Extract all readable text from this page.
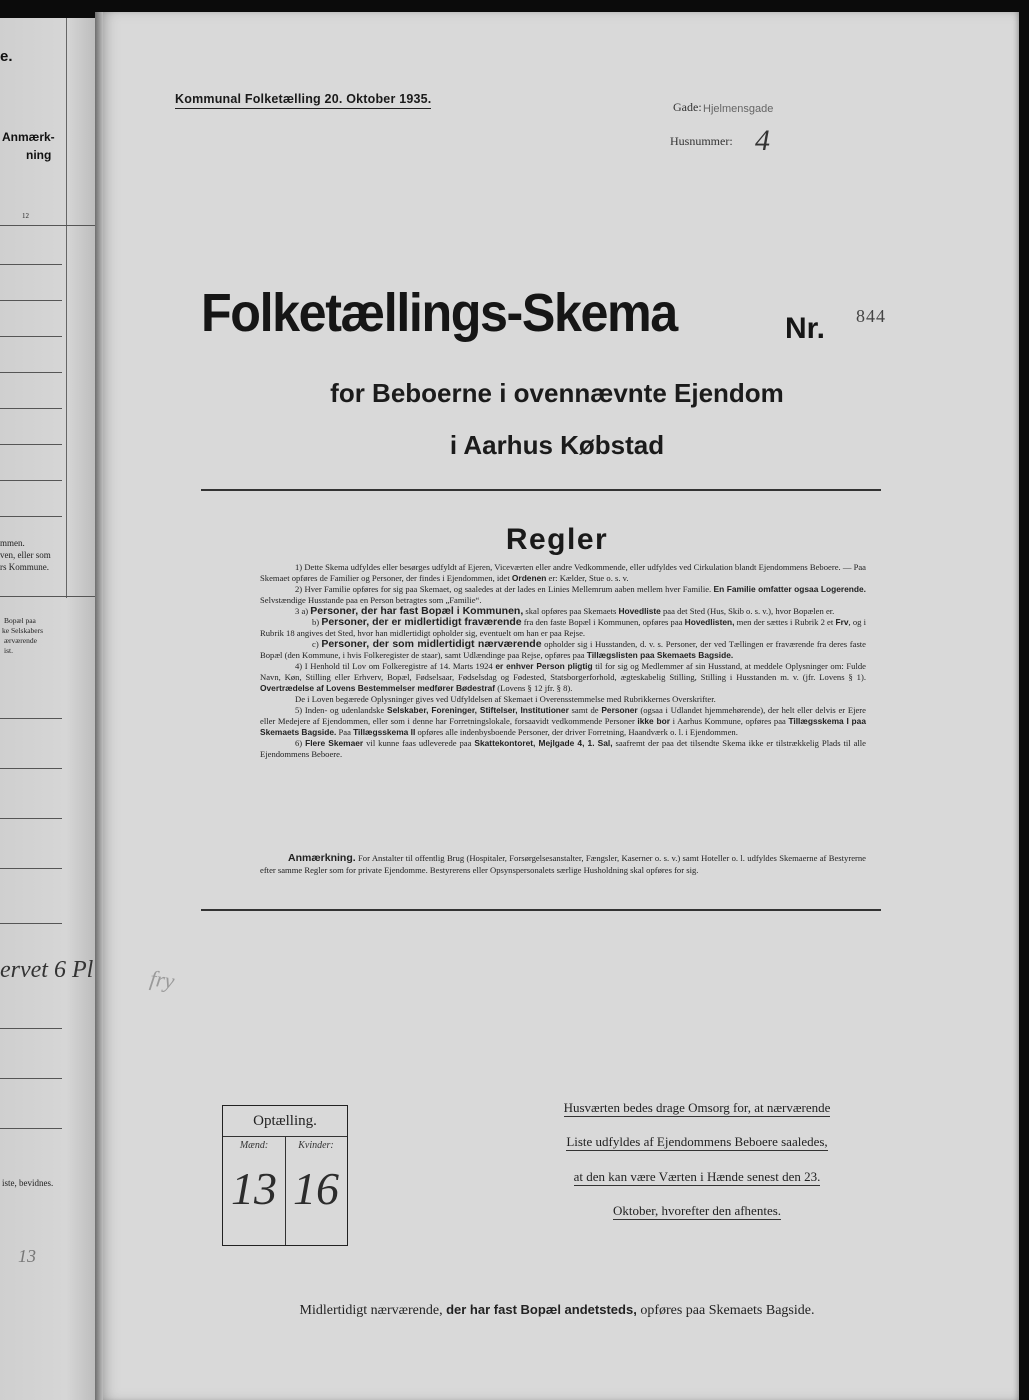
e.
Anmærk-
ning
12
mmen.
ven, eller som
rs Kommune.
Bopæl paa
ke Selskabers
ærværende
ist.
ervet 6 Pl
iste, bevidnes.
13
Kommunal Folketælling 20. Oktober 1935.
Gade: Hjelmensgade
Husnummer: 4
Folketællings-Skema	Nr. 844
for Beboerne i ovennævnte Ejendom
i Aarhus Købstad
Regler

1) Dette Skema udfyldes eller besørges udfyldt af Ejeren, Viceværten eller andre Vedkommende, eller udfyldes ved Cirkulation blandt Ejendommens Beboere. — Paa Skemaet opføres de Familier og Personer, der findes i Ejendommen, idet Ordenen er: Kælder, Stue o. s. v.

2) Hver Familie opføres for sig paa Skemaet, og saaledes at der lades en Linies Mellemrum aaben mellem hver Familie. En Familie omfatter ogsaa Logerende. Selvstændige Husstande paa en Person betragtes som „Familie“.

3 a) Personer, der har fast Bopæl i Kommunen, skal opføres paa Skemaets Hovedliste paa det Sted (Hus, Skib o. s. v.), hvor Bopælen er.

b) Personer, der er midlertidigt fraværende fra den faste Bopæl i Kommunen, opføres paa Hovedlisten, men der sættes i Rubrik 2 et Frv, og i Rubrik 18 angives det Sted, hvor han midlertidigt opholder sig, eventuelt om han er paa Rejse.

c) Personer, der som midlertidigt nærværende opholder sig i Husstanden, d. v. s. Personer, der ved Tællingen er fraværende fra deres faste Bopæl (den Kommune, i hvis Folkeregister de staar), samt Udlændinge paa Rejse, opføres paa Tillægslisten paa Skemaets Bagside.

4) I Henhold til Lov om Folkeregistre af 14. Marts 1924 er enhver Person pligtig til for sig og Medlemmer af sin Husstand, at meddele Oplysninger om: Fulde Navn, Køn, Stilling eller Erhverv, Bopæl, Fødselsaar, Fødselsdag og Fødested, Statsborgerforhold, ægteskabelig Stilling, Stilling i Husstanden m. v. (jfr. Lovens § 1). Overtrædelse af Lovens Bestemmelser medfører Bødestraf (Lovens § 12 jfr. § 8).

De i Loven begærede Oplysninger gives ved Udfyldelsen af Skemaet i Overensstemmelse med Rubrikkernes Overskrifter.

5) Inden- og udenlandske Selskaber, Foreninger, Stiftelser, Institutioner samt de Personer (ogsaa i Udlandet hjemmehørende), der helt eller delvis er Ejere eller Medejere af Ejendommen, eller som i denne har Forretningslokale, forsaavidt vedkommende Personer ikke bor i Aarhus Kommune, opføres paa Tillægsskema I paa Skemaets Bagside. Paa Tillægsskema II opføres alle indenbysboende Personer, der driver Forretning, Haandværk o. l. i Ejendommen.

6) Flere Skemaer vil kunne faas udleverede paa Skattekontoret, Mejlgade 4, 1. Sal, saafremt der paa det tilsendte Skema ikke er tilstrækkelig Plads til alle Ejendommens Beboere.

Anmærkning. For Anstalter til offentlig Brug (Hospitaler, Forsørgelsesanstalter, Fængsler, Kaserner o. s. v.) samt Hoteller o. l. udfyldes Skemaerne af Bestyrerne efter samme Regler som for private Ejendomme. Bestyrerens eller Opsynspersonalets særlige Husholdning skal opføres for sig.
fry
Optælling.
Mænd:
13
Kvinder:
16
Husværten bedes drage Omsorg for, at nærværende
Liste udfyldes af Ejendommens Beboere saaledes,
at den kan være Værten i Hænde senest den 23.
Oktober, hvorefter den afhentes.
Midlertidigt nærværende, der har fast Bopæl andetsteds, opføres paa Skemaets Bagside.
